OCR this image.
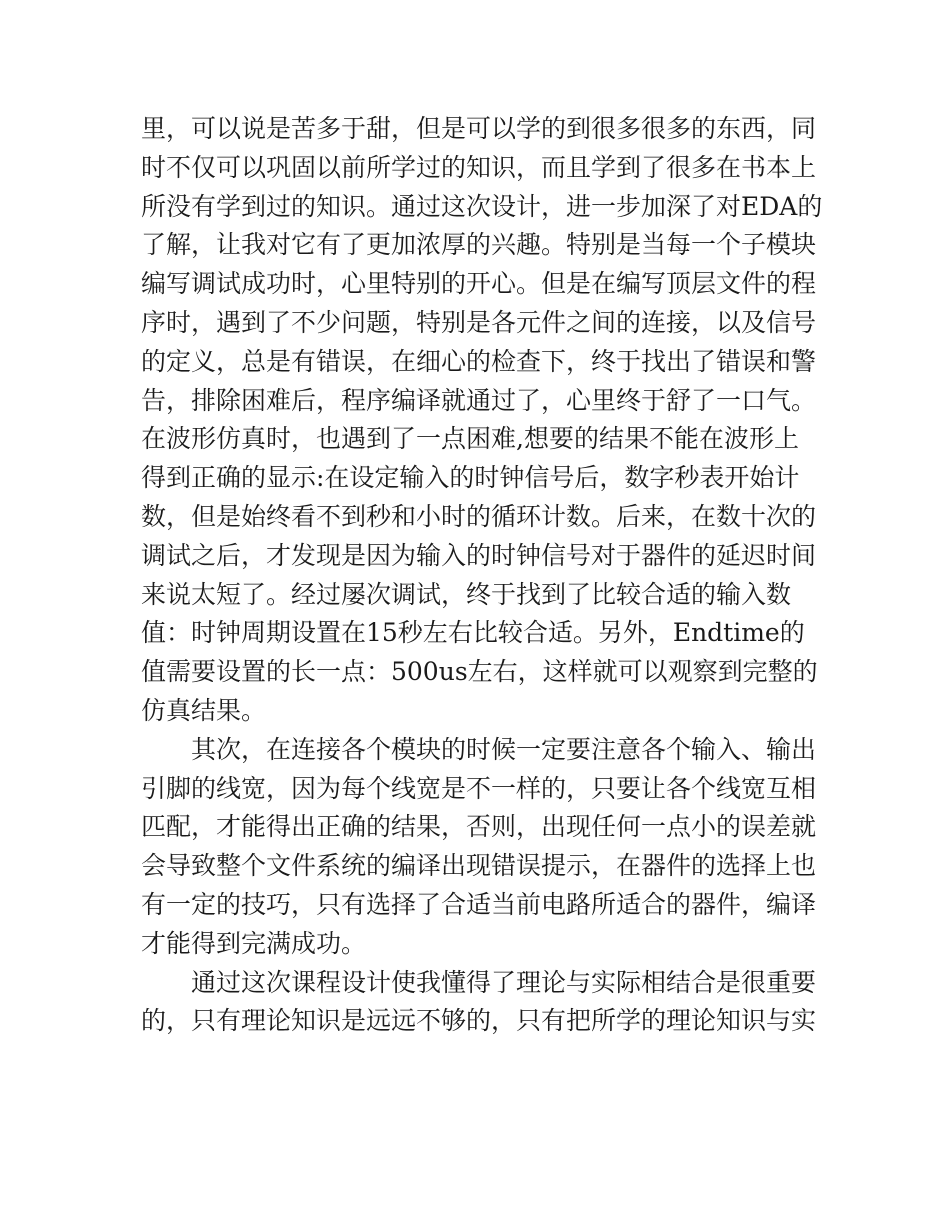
里，可以说是苦多于甜，但是可以学的到很多很多的东西，同
时不仅可以巩固以前所学过的知识，而且学到了很多在书本上
所没有学到过的知识。通过这次设计，进一步加深了对EDA的
了解，让我对它有了更加浓厚的兴趣。特别是当每一个子模块
编写调试成功时，心里特别的开心。但是在编写顶层文件的程
序时，遇到了不少问题，特别是各元件之间的连接，以及信号
的定义，总是有错误，在细心的检查下，终于找出了错误和警
告，排除困难后，程序编译就通过了，心里终于舒了一口气。
在波形仿真时，也遇到了一点困难,想要的结果不能在波形上
得到正确的显示:在设定输入的时钟信号后，数字秒表开始计
数，但是始终看不到秒和小时的循环计数。后来，在数十次的
调试之后，才发现是因为输入的时钟信号对于器件的延迟时间
来说太短了。经过屡次调试，终于找到了比较合适的输入数
值：时钟周期设置在15秒左右比较合适。另外，Endtime的
值需要设置的长一点：500us左右，这样就可以观察到完整的
仿真结果。
其次，在连接各个模块的时候一定要注意各个输入、输出
引脚的线宽，因为每个线宽是不一样的，只要让各个线宽互相
匹配，才能得出正确的结果，否则，出现任何一点小的误差就
会导致整个文件系统的编译出现错误提示，在器件的选择上也
有一定的技巧，只有选择了合适当前电路所适合的器件，编译
才能得到完满成功。
通过这次课程设计使我懂得了理论与实际相结合是很重要
的，只有理论知识是远远不够的，只有把所学的理论知识与实
